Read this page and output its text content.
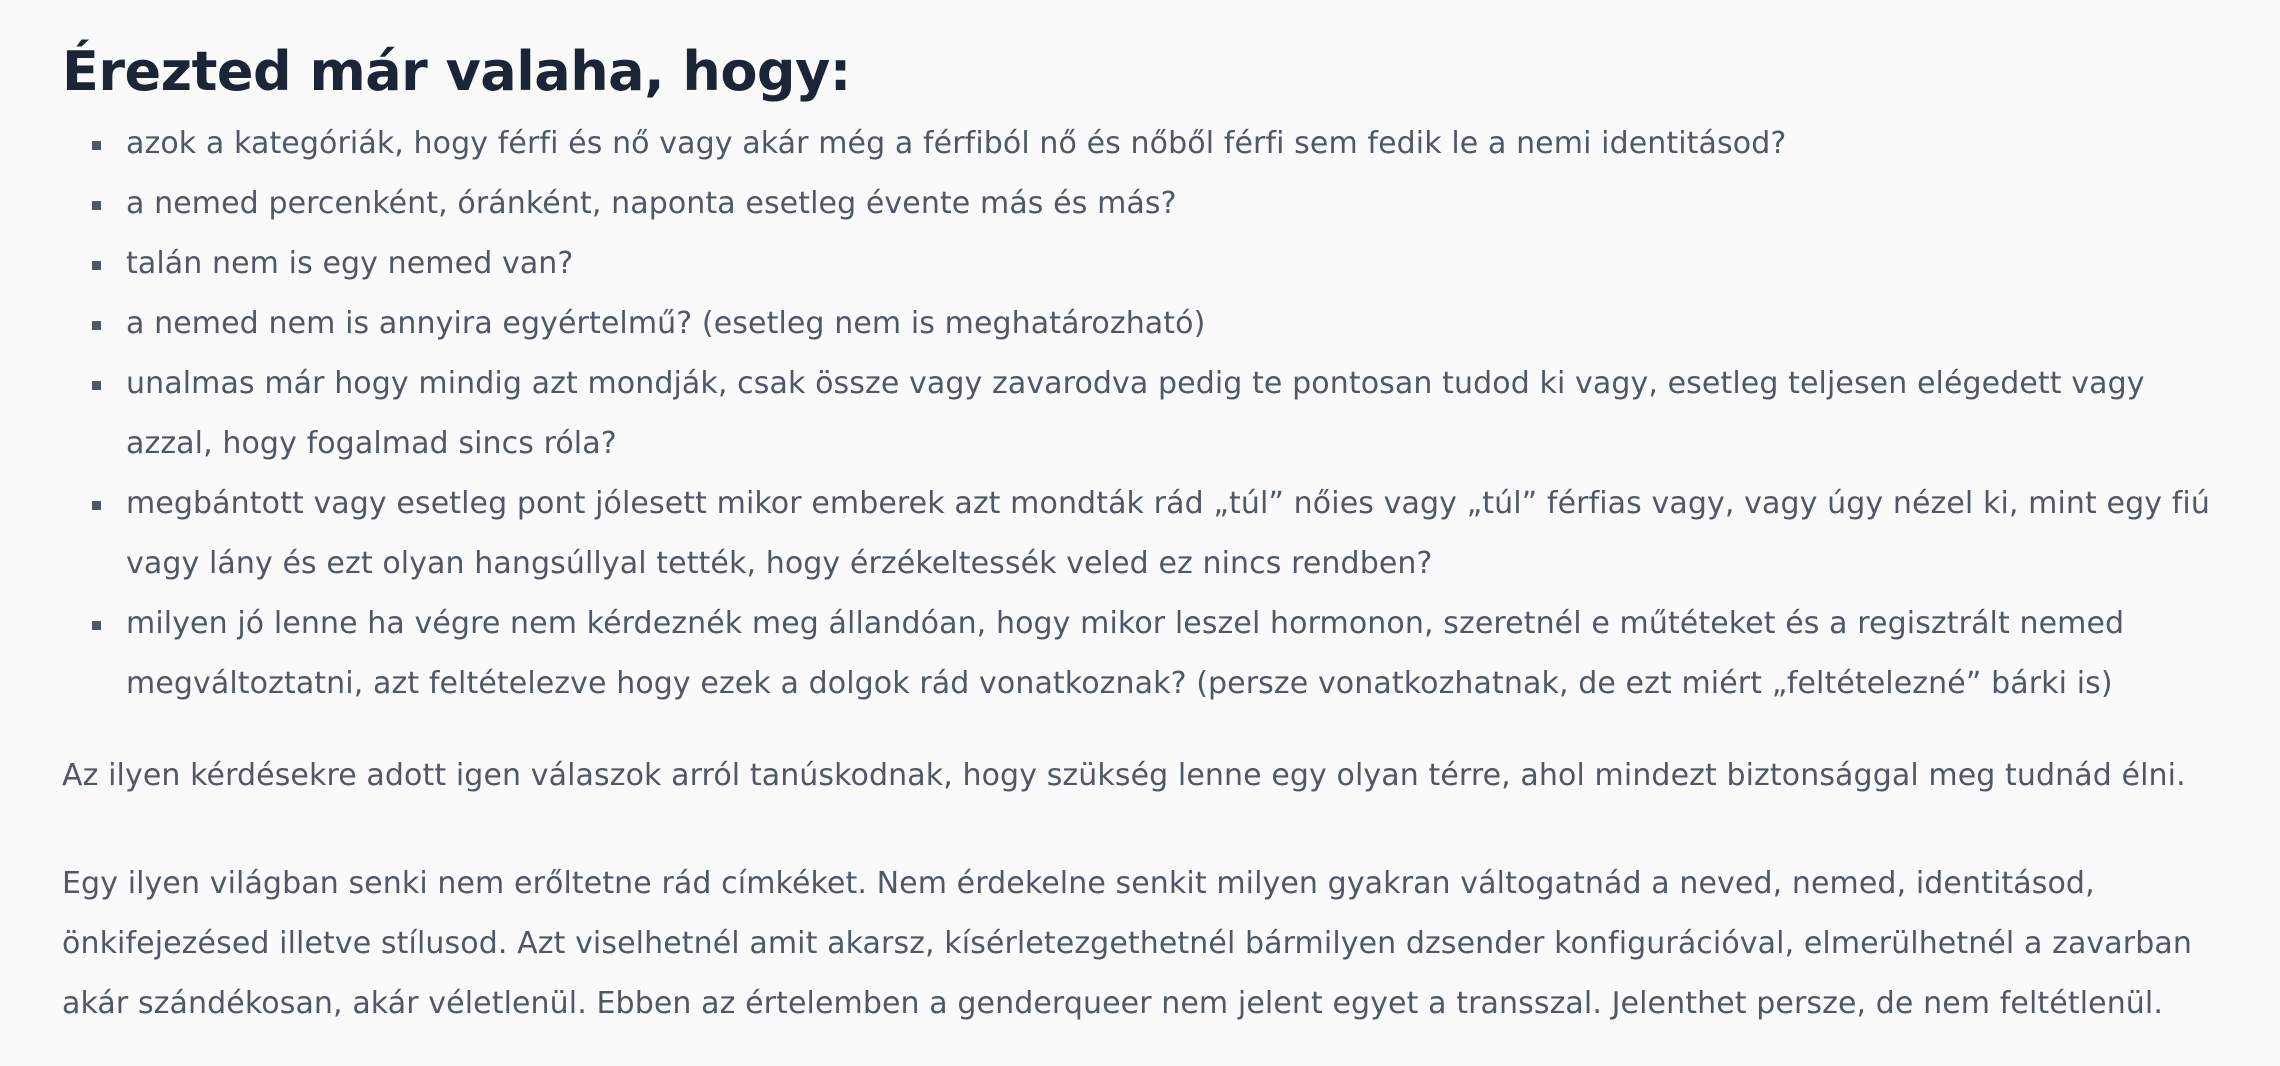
Érezted már valaha, hogy:
azok a kategóriák, hogy férfi és nő vagy akár még a férfiból nő és nőből férfi sem fedik le a nemi identitásod?
a nemed percenként, óránként, naponta esetleg évente más és más?
talán nem is egy nemed van?
a nemed nem is annyira egyértelmű? (esetleg nem is meghatározható)
unalmas már hogy mindig azt mondják, csak össze vagy zavarodva pedig te pontosan tudod ki vagy, esetleg teljesen elégedett vagy azzal, hogy fogalmad sincs róla?
megbántott vagy esetleg pont jólesett mikor emberek azt mondták rád „túl” nőies vagy „túl” férfias vagy, vagy úgy nézel ki, mint egy fiú vagy lány és ezt olyan hangsúllyal tették, hogy érzékeltessék veled ez nincs rendben?
milyen jó lenne ha végre nem kérdeznék meg állandóan, hogy mikor leszel hormonon, szeretnél e műtéteket és a regisztrált nemed megváltoztatni, azt feltételezve hogy ezek a dolgok rád vonatkoznak? (persze vonatkozhatnak, de ezt miért „feltételezné” bárki is)

Az ilyen kérdésekre adott igen válaszok arról tanúskodnak, hogy szükség lenne egy olyan térre, ahol mindezt biztonsággal meg tudnád élni.

Egy ilyen világban senki nem erőltetne rád címkéket. Nem érdekelne senkit milyen gyakran váltogatnád a neved, nemed, identitásod, önkifejezésed illetve stílusod. Azt viselhetnél amit akarsz, kísérletezgethetnél bármilyen dzsender konfigurációval, elmerülhetnél a zavarban akár szándékosan, akár véletlenül. Ebben az értelemben a genderqueer nem jelent egyet a transszal. Jelenthet persze, de nem feltétlenül.
